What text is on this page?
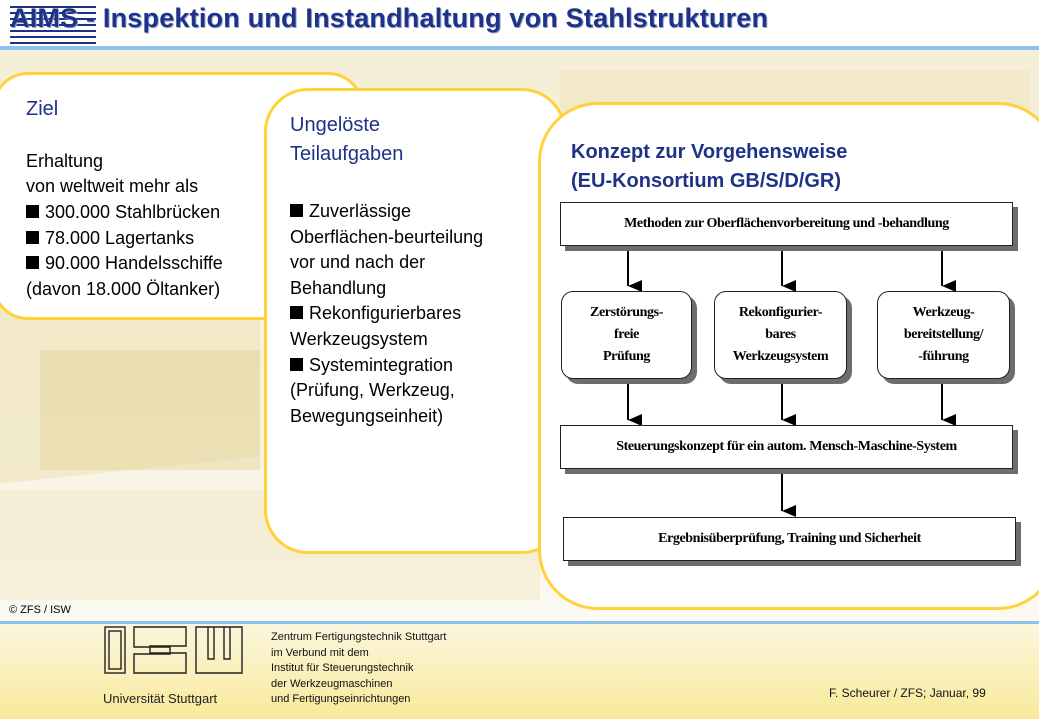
AIMS - Inspektion und Instandhaltung von Stahlstrukturen
Ziel
Erhaltung
von weltweit mehr als
300.000 Stahlbrücken
78.000 Lagertanks
90.000 Handelsschiffe
(davon 18.000 Öltanker)
Ungelöste
Teilaufgaben
Zuverlässige
Oberflächen-beurteilung
vor und nach der
Behandlung
Rekonfigurierbares
Werkzeugsystem
Systemintegration
(Prüfung, Werkzeug,
Bewegungseinheit)
Konzept zur Vorgehensweise
(EU-Konsortium GB/S/D/GR)
Methoden zur Oberflächenvorbereitung und -behandlung
Zerstörungs-
freie
Prüfung
Rekonfigurier-
bares
Werkzeugsystem
Werkzeug-
bereitstellung/
-führung
Steuerungskonzept für ein autom. Mensch-Maschine-System
Ergebnisüberprüfung, Training und Sicherheit
© ZFS / ISW
Universität Stuttgart
Zentrum Fertigungstechnik Stuttgart
im Verbund mit dem
Institut für Steuerungstechnik
der Werkzeugmaschinen
und Fertigungseinrichtungen	F. Scheurer / ZFS; Januar, 99
